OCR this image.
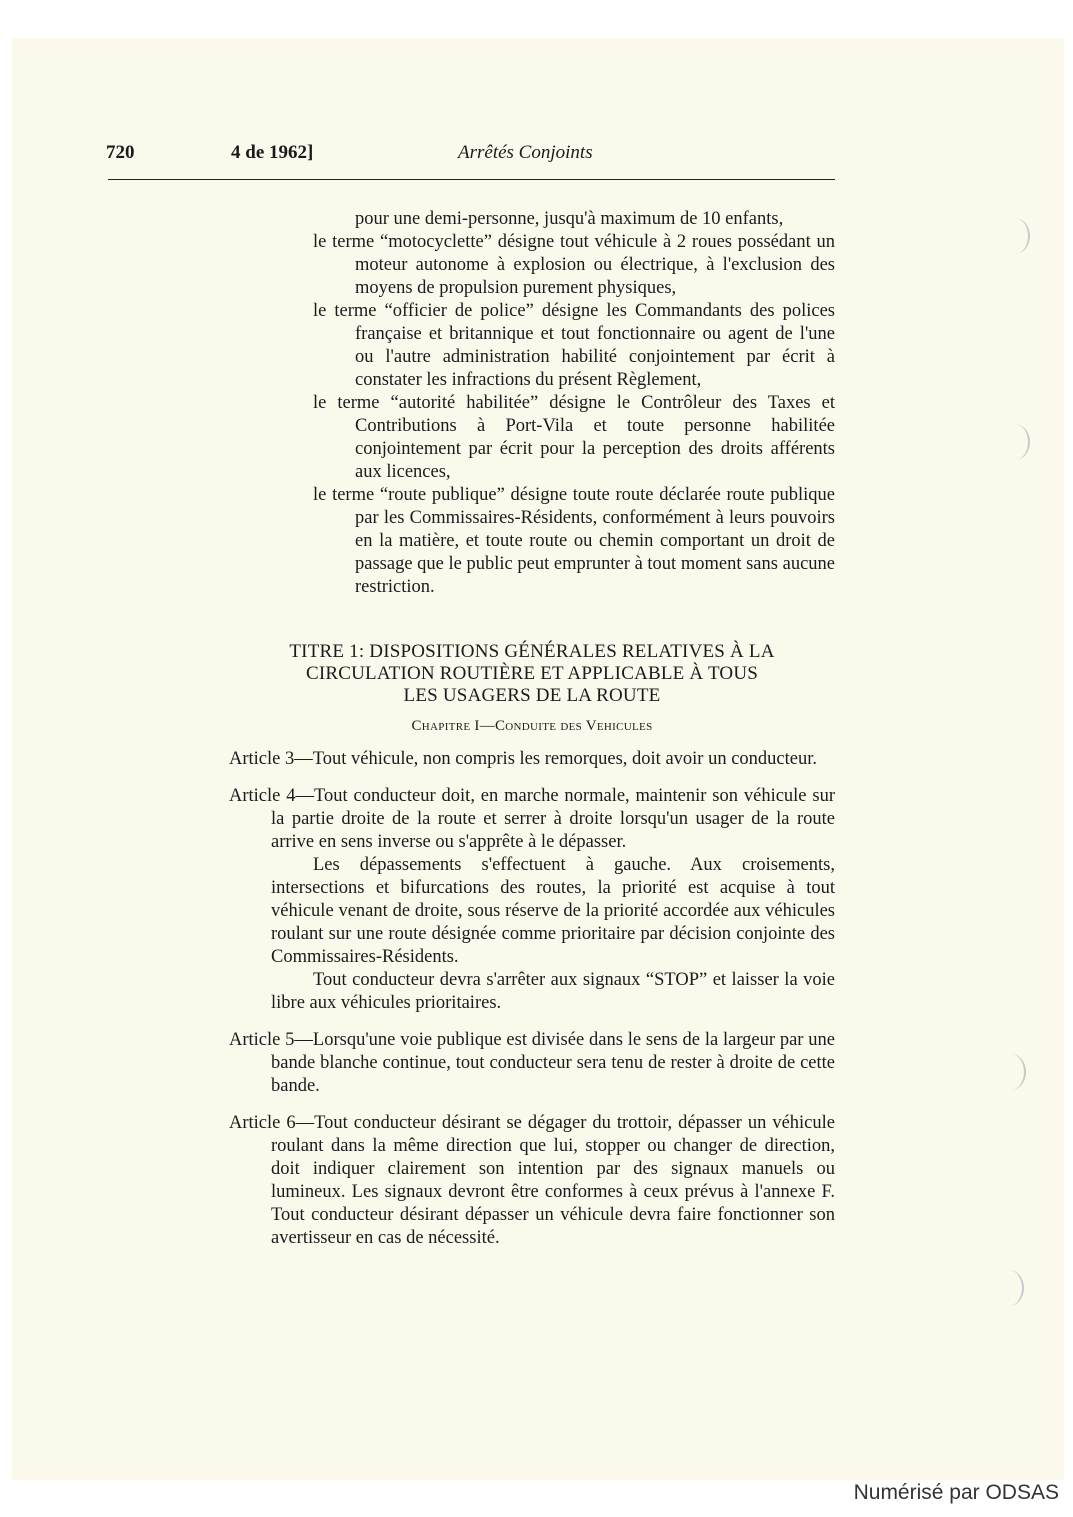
720	4 de 1962]	Arrêtés Conjoints

pour une demi-personne, jusqu'à maximum de 10 enfants,

le terme “motocyclette” désigne tout véhicule à 2 roues possédant un moteur autonome à explosion ou électrique, à l'exclusion des moyens de propulsion purement physiques,

le terme “officier de police” désigne les Commandants des polices française et britannique et tout fonctionnaire ou agent de l'une ou l'autre administration habilité conjointement par écrit à constater les infractions du présent Règlement,

le terme “autorité habilitée” désigne le Contrôleur des Taxes et Contributions à Port-Vila et toute personne habilitée conjointement par écrit pour la perception des droits afférents aux licences,

le terme “route publique” désigne toute route déclarée route publique par les Commissaires-Résidents, conformément à leurs pouvoirs en la matière, et toute route ou chemin comportant un droit de passage que le public peut emprunter à tout moment sans aucune restriction.

TITRE 1: DISPOSITIONS GÉNÉRALES RELATIVES À LA
CIRCULATION ROUTIÈRE ET APPLICABLE À TOUS
LES USAGERS DE LA ROUTE
Chapitre I—Conduite des Vehicules

Article 3—Tout véhicule, non compris les remorques, doit avoir un conducteur.

Article 4—Tout conducteur doit, en marche normale, maintenir son véhicule sur la partie droite de la route et serrer à droite lorsqu'un usager de la route arrive en sens inverse ou s'apprête à le dépasser.

Les dépassements s'effectuent à gauche. Aux croisements, intersections et bifurcations des routes, la priorité est acquise à tout véhicule venant de droite, sous réserve de la priorité accordée aux véhicules roulant sur une route désignée comme prioritaire par décision conjointe des Commissaires-Résidents.

Tout conducteur devra s'arrêter aux signaux “STOP” et laisser la voie libre aux véhicules prioritaires.

Article 5—Lorsqu'une voie publique est divisée dans le sens de la largeur par une bande blanche continue, tout conducteur sera tenu de rester à droite de cette bande.

Article 6—Tout conducteur désirant se dégager du trottoir, dépasser un véhicule roulant dans la même direction que lui, stopper ou changer de direction, doit indiquer clairement son intention par des signaux manuels ou lumineux. Les signaux devront être conformes à ceux prévus à l'annexe F. Tout conducteur désirant dépasser un véhicule devra faire fonctionner son avertisseur en cas de nécessité.

Numérisé par ODSAS
